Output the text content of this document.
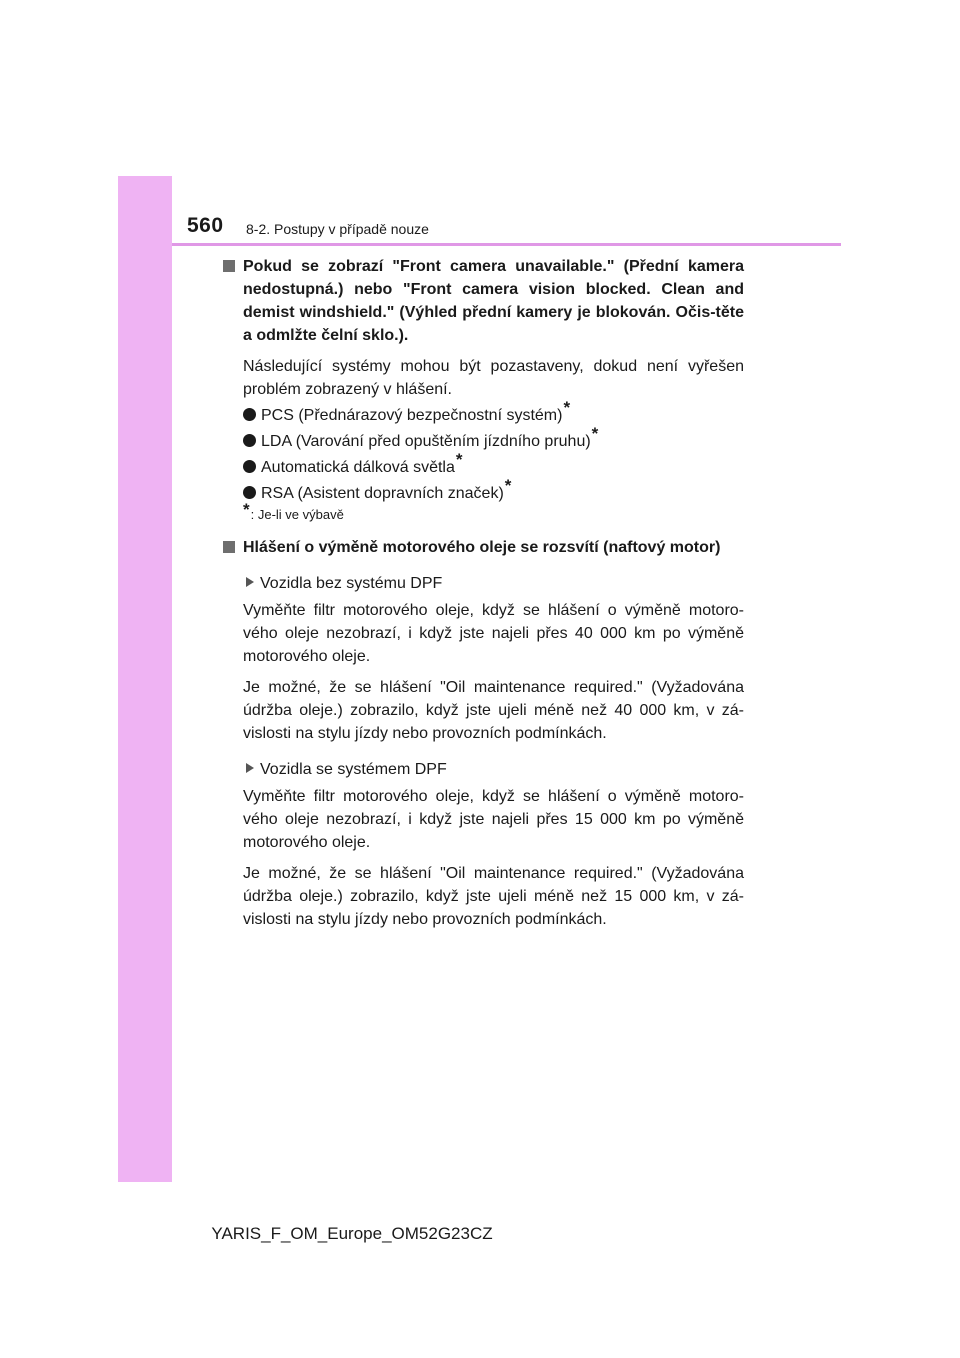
560 8-2. Postupy v případě nouze
Pokud se zobrazí "Front camera unavailable." (Přední kamera nedostupná.) nebo "Front camera vision blocked. Clean and demist windshield." (Výhled přední kamery je blokován. Očis-těte a odmlžte čelní sklo.).
Následující systémy mohou být pozastaveny, dokud není vyřešen problém zobrazený v hlášení.
PCS (Přednárazový bezpečnostní systém)*
LDA (Varování před opuštěním jízdního pruhu)*
Automatická dálková světla*
RSA (Asistent dopravních značek)*
*: Je-li ve výbavě
Hlášení o výměně motorového oleje se rozsvítí (naftový motor)
Vozidla bez systému DPF
Vyměňte filtr motorového oleje, když se hlášení o výměně motoro-vého oleje nezobrazí, i když jste najeli přes 40 000 km po výměně motorového oleje.
Je možné, že se hlášení "Oil maintenance required." (Vyžadována údržba oleje.) zobrazilo, když jste ujeli méně než 40 000 km, v zá-vislosti na stylu jízdy nebo provozních podmínkách.
Vozidla se systémem DPF
Vyměňte filtr motorového oleje, když se hlášení o výměně motoro-vého oleje nezobrazí, i když jste najeli přes 15 000 km po výměně motorového oleje.
Je možné, že se hlášení "Oil maintenance required." (Vyžadována údržba oleje.) zobrazilo, když jste ujeli méně než 15 000 km, v zá-vislosti na stylu jízdy nebo provozních podmínkách.
YARIS_F_OM_Europe_OM52G23CZ
